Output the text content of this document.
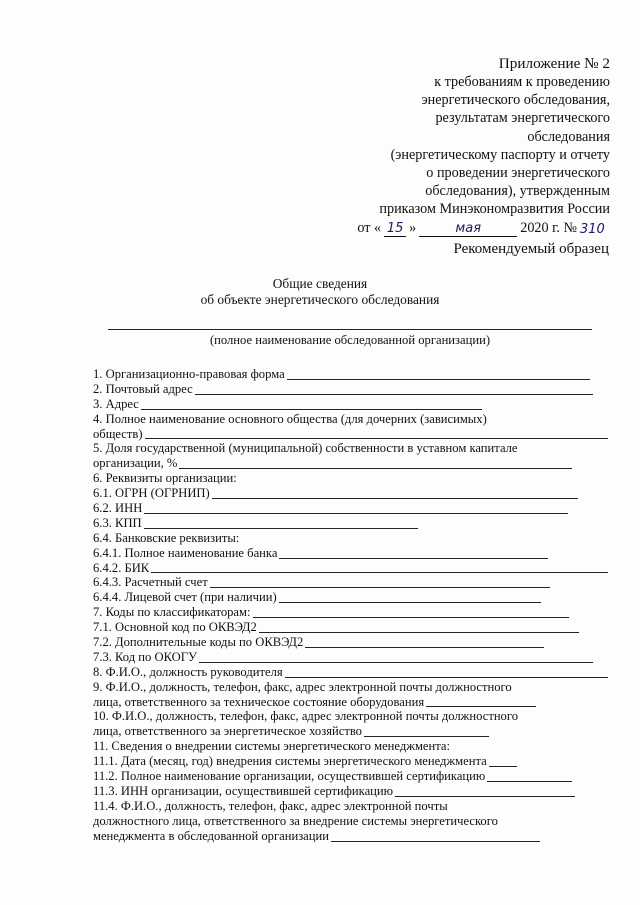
Приложение № 2
к требованиям к проведению
энергетического обследования,
результатам энергетического
обследования
(энергетическому паспорту и отчету
о проведении энергетического
обследования), утвержденным
приказом Минэкономразвития России
от « 15 »	мая	2020 г. № 310
Рекомендуемый образец
Общие сведения
об объекте энергетического обследования
(полное наименование обследованной организации)
1. Организационно-правовая форма
2. Почтовый адрес
3. Адрес
4. Полное наименование основного общества (для дочерних (зависимых)
обществ)
5. Доля государственной (муниципальной) собственности в уставном капитале
организации, %
6. Реквизиты организации:
6.1. ОГРН (ОГРНИП)
6.2. ИНН
6.3. КПП
6.4. Банковские реквизиты:
6.4.1. Полное наименование банка
6.4.2. БИК
6.4.3. Расчетный счет
6.4.4. Лицевой счет (при наличии)
7. Коды по классификаторам:
7.1. Основной код по ОКВЭД2
7.2. Дополнительные коды по ОКВЭД2
7.3. Код по ОКОГУ
8. Ф.И.О., должность руководителя
9. Ф.И.О., должность, телефон, факс, адрес электронной почты должностного
лица, ответственного за техническое состояние оборудования
10. Ф.И.О., должность, телефон, факс, адрес электронной почты должностного
лица, ответственного за энергетическое хозяйство
11. Сведения о внедрении системы энергетического менеджмента:
11.1. Дата (месяц, год) внедрения системы энергетического менеджмента
11.2. Полное наименование организации, осуществившей сертификацию
11.3. ИНН организации, осуществившей сертификацию
11.4. Ф.И.О., должность, телефон, факс, адрес электронной почты
должностного лица, ответственного за внедрение системы энергетического
менеджмента в обследованной организации
